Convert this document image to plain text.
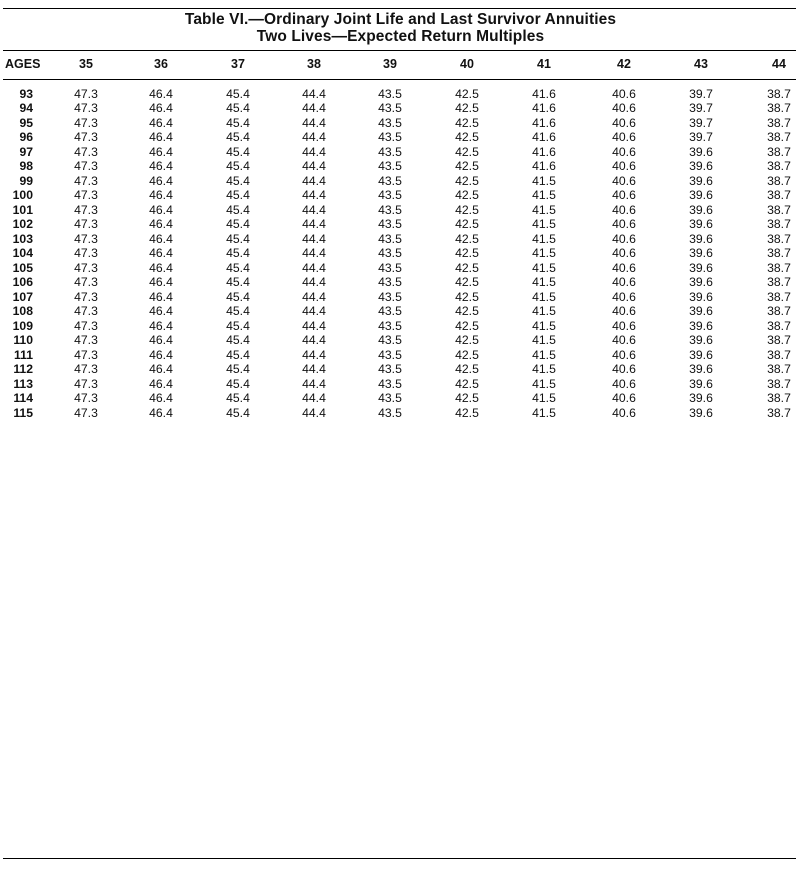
Table VI.—Ordinary Joint Life and Last Survivor Annuities
Two Lives—Expected Return Multiples
AGES	35	36	37	38	39	40	41	42	43	44
93	47.3	46.4	45.4	44.4	43.5	42.5	41.6	40.6	39.7	38.7
94	47.3	46.4	45.4	44.4	43.5	42.5	41.6	40.6	39.7	38.7
95	47.3	46.4	45.4	44.4	43.5	42.5	41.6	40.6	39.7	38.7
96	47.3	46.4	45.4	44.4	43.5	42.5	41.6	40.6	39.7	38.7
97	47.3	46.4	45.4	44.4	43.5	42.5	41.6	40.6	39.6	38.7
98	47.3	46.4	45.4	44.4	43.5	42.5	41.6	40.6	39.6	38.7
99	47.3	46.4	45.4	44.4	43.5	42.5	41.5	40.6	39.6	38.7
100	47.3	46.4	45.4	44.4	43.5	42.5	41.5	40.6	39.6	38.7
101	47.3	46.4	45.4	44.4	43.5	42.5	41.5	40.6	39.6	38.7
102	47.3	46.4	45.4	44.4	43.5	42.5	41.5	40.6	39.6	38.7
103	47.3	46.4	45.4	44.4	43.5	42.5	41.5	40.6	39.6	38.7
104	47.3	46.4	45.4	44.4	43.5	42.5	41.5	40.6	39.6	38.7
105	47.3	46.4	45.4	44.4	43.5	42.5	41.5	40.6	39.6	38.7
106	47.3	46.4	45.4	44.4	43.5	42.5	41.5	40.6	39.6	38.7
107	47.3	46.4	45.4	44.4	43.5	42.5	41.5	40.6	39.6	38.7
108	47.3	46.4	45.4	44.4	43.5	42.5	41.5	40.6	39.6	38.7
109	47.3	46.4	45.4	44.4	43.5	42.5	41.5	40.6	39.6	38.7
110	47.3	46.4	45.4	44.4	43.5	42.5	41.5	40.6	39.6	38.7
111	47.3	46.4	45.4	44.4	43.5	42.5	41.5	40.6	39.6	38.7
112	47.3	46.4	45.4	44.4	43.5	42.5	41.5	40.6	39.6	38.7
113	47.3	46.4	45.4	44.4	43.5	42.5	41.5	40.6	39.6	38.7
114	47.3	46.4	45.4	44.4	43.5	42.5	41.5	40.6	39.6	38.7
115	47.3	46.4	45.4	44.4	43.5	42.5	41.5	40.6	39.6	38.7
